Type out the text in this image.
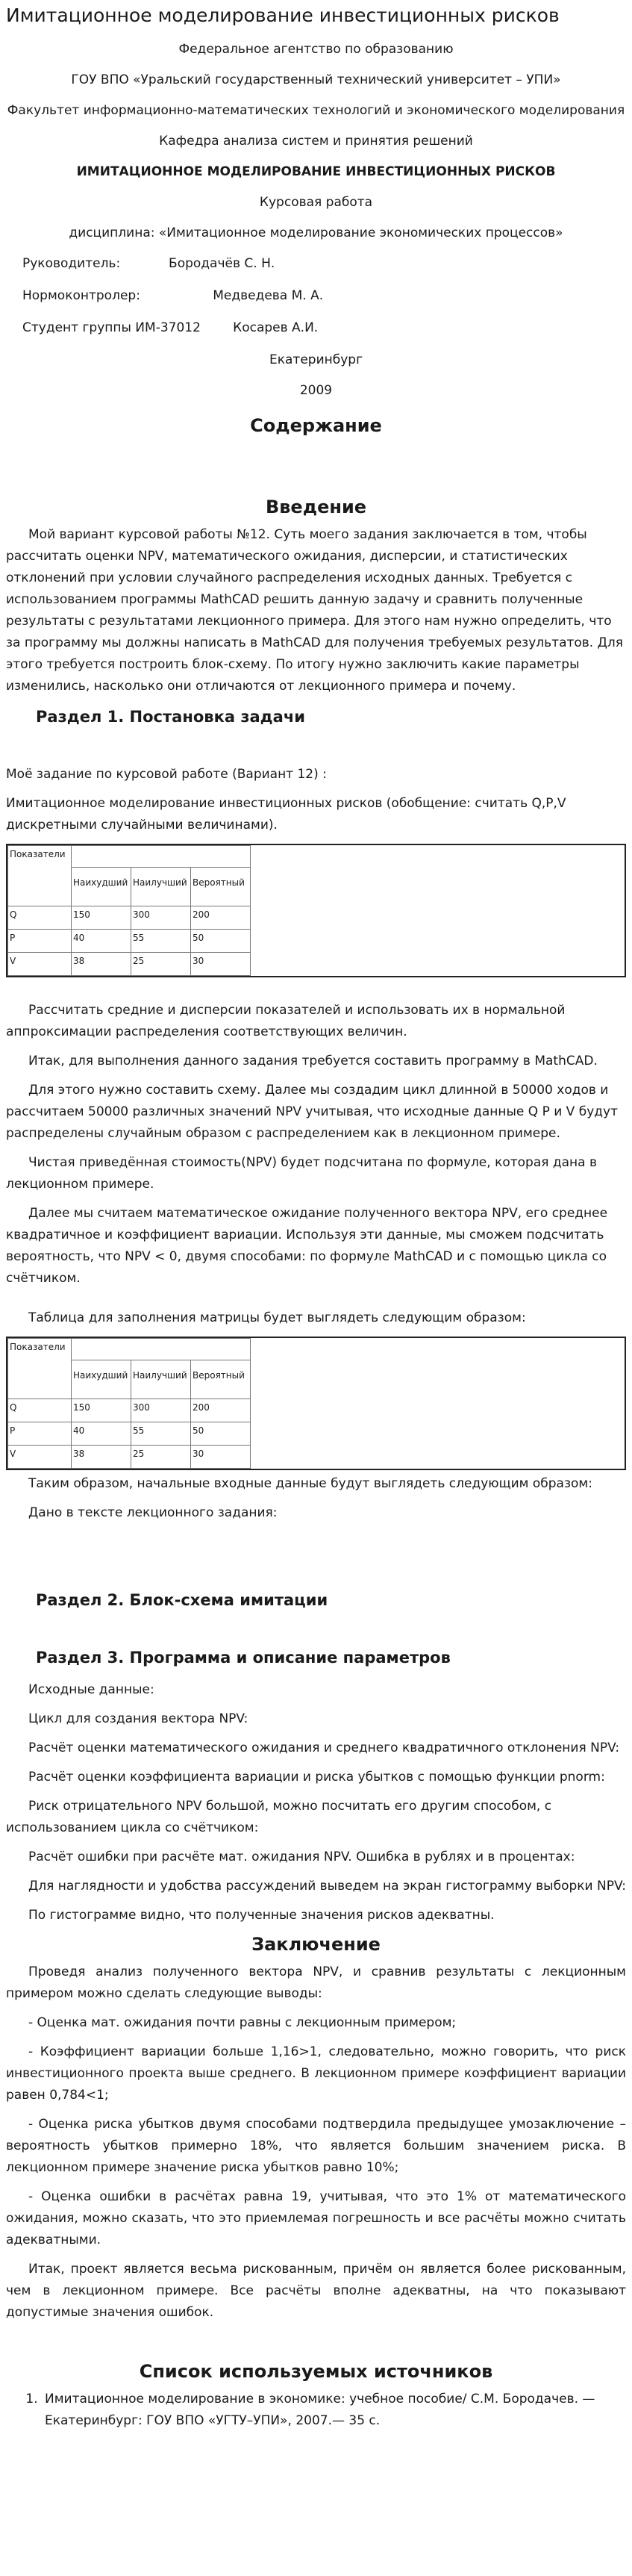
Имитационное моделирование инвестиционных рисков

Федеральное агентство по образованию

ГОУ ВПО «Уральский государственный технический университет – УПИ»

Факультет информационно-математических технологий и экономического моделирования

Кафедра анализа систем и принятия решений

ИМИТАЦИОННОЕ МОДЕЛИРОВАНИЕ ИНВЕСТИЦИОННЫХ РИСКОВ

Курсовая работа

дисциплина: «Имитационное моделирование экономических процессов»

Руководитель:	Бородачёв С. Н.
Нормоконтролер:	Медведева М. А.
Студент группы ИМ-37012	Косарев А.И.

Екатеринбург

2009

Содержание
Введение

Мой вариант курсовой работы №12. Суть моего задания заключается в том, чтобы рассчитать оценки NPV, математического ожидания, дисперсии, и статистических отклонений при условии случайного распределения исходных данных. Требуется с использованием программы MathCAD решить данную задачу и сравнить полученные результаты с результатами лекционного примера. Для этого нам нужно определить, что за программу мы должны написать в MathCAD для получения требуемых результатов. Для этого требуется построить блок-схему. По итогу нужно заключить какие параметры изменились, насколько они отличаются от лекционного примера и почему.

Раздел 1. Постановка задачи

Моё задание по курсовой работе (Вариант 12) :

Имитационное моделирование инвестиционных рисков (обобщение: считать Q,P,V дискретными случайными величинами).

Показатели			
	Наихудший	Наилучший	Вероятный
Q	150	300	200
P	40	55	50
V	38	25	30

Рассчитать средние и дисперсии показателей и использовать их в нормальной аппроксимации распределения соответствующих величин.

Итак, для выполнения данного задания требуется составить программу в MathCAD.

Для этого нужно составить схему. Далее мы создадим цикл длинной в 50000 ходов и рассчитаем 50000 различных значений NPV учитывая, что исходные данные Q P и V будут распределены случайным образом с распределением как в лекционном примере.

Чистая приведённая стоимость(NPV) будет подсчитана по формуле, которая дана в лекционном примере.

Далее мы считаем математическое ожидание полученного вектора NPV, его среднее квадратичное и коэффициент вариации. Используя эти данные, мы сможем подсчитать вероятность, что NPV < 0, двумя способами: по формуле MathCAD и с помощью цикла со счётчиком.

Таблица для заполнения матрицы будет выглядеть следующим образом:

Показатели			
	Наихудший	Наилучший	Вероятный
Q	150	300	200
P	40	55	50
V	38	25	30

Таким образом, начальные входные данные будут выглядеть следующим образом:

Дано в тексте лекционного задания:

Раздел 2. Блок-схема имитации
Раздел 3. Программа и описание параметров

Исходные данные:

Цикл для создания вектора NPV:

Расчёт оценки математического ожидания и среднего квадратичного отклонения NPV:

Расчёт оценки коэффициента вариации и риска убытков с помощью функции pnorm:

Риск отрицательного NPV большой, можно посчитать его другим способом, с использованием цикла со счётчиком:

Расчёт ошибки при расчёте мат. ожидания NPV. Ошибка в рублях и в процентах:

Для наглядности и удобства рассуждений выведем на экран гистограмму выборки NPV:

По гистограмме видно, что полученные значения рисков адекватны.

Заключение

Проведя анализ полученного вектора NPV, и сравнив результаты с лекционным примером можно сделать следующие выводы:

- Оценка мат. ожидания почти равны с лекционным примером;

- Коэффициент вариации больше 1,16>1, следовательно, можно говорить, что риск инвестиционного проекта выше среднего. В лекционном примере коэффициент вариации равен 0,784<1;

- Оценка риска убытков двумя способами подтвердила предыдущее умозаключение – вероятность убытков примерно 18%, что является большим значением риска. В лекционном примере значение риска убытков равно 10%;

- Оценка ошибки в расчётах равна 19, учитывая, что это 1% от математического ожидания, можно сказать, что это приемлемая погрешность и все расчёты можно считать адекватными.

Итак, проект является весьма рискованным, причём он является более рискованным, чем в лекционном примере. Все расчёты вполне адекватны, на что показывают допустимые значения ошибок.

Список используемых источников
1. Имитационное моделирование в экономике: учебное пособие/ С.М. Бородачев. — Екатеринбург: ГОУ ВПО «УГТУ–УПИ», 2007.— 35 с.
